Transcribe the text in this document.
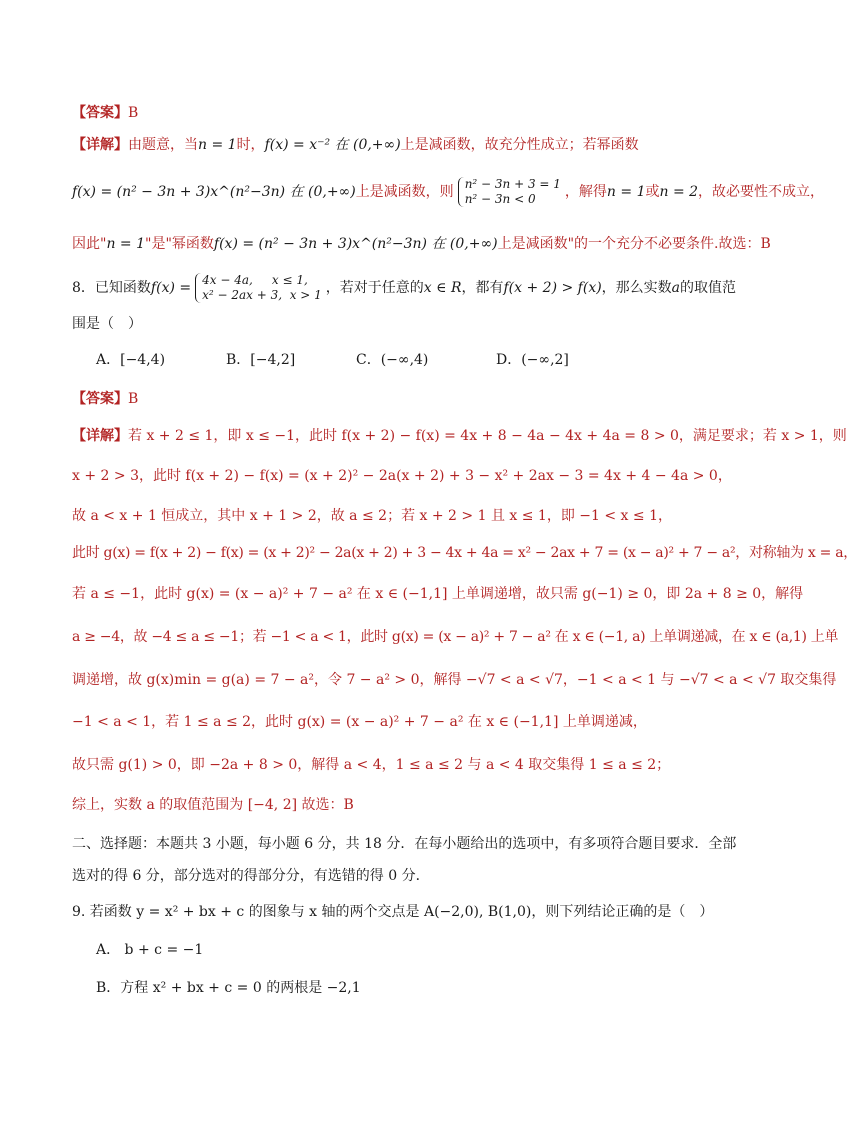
【答案】B
【详解】由题意，当n = 1时，f(x) = x⁻² 在 (0,+∞)上是减函数，故充分性成立；若幂函数
f(x) = (n² − 3n + 3)x^(n²−3n) 在 (0,+∞)上是减函数，则 n² − 3n + 3 = 1
n² − 3n < 0	，解得n = 1或n = 2，故必要性不成立，
因此"n = 1"是"幂函数f(x) = (n² − 3n + 3)x^(n²−3n) 在 (0,+∞)上是减函数"的一个充分不必要条件.故选：B
8．已知函数f(x) = 4x − 4a, x ≤ 1,
x² − 2ax + 3, x > 1 ，若对于任意的x ∈ R，都有f(x + 2) > f(x)，那么实数a的取值范
围是（　）
A．[−4,4)	B．[−4,2]	C．(−∞,4)	D．(−∞,2]
【答案】B
【详解】若 x + 2 ≤ 1，即 x ≤ −1，此时 f(x + 2) − f(x) = 4x + 8 − 4a − 4x + 4a = 8 > 0，满足要求；若 x > 1，则
x + 2 > 3，此时 f(x + 2) − f(x) = (x + 2)² − 2a(x + 2) + 3 − x² + 2ax − 3 = 4x + 4 − 4a > 0，
故 a < x + 1 恒成立，其中 x + 1 > 2，故 a ≤ 2；若 x + 2 > 1 且 x ≤ 1，即 −1 < x ≤ 1，
此时 g(x) = f(x + 2) − f(x) = (x + 2)² − 2a(x + 2) + 3 − 4x + 4a = x² − 2ax + 7 = (x − a)² + 7 − a²，对称轴为 x = a，
若 a ≤ −1，此时 g(x) = (x − a)² + 7 − a² 在 x ∈ (−1,1] 上单调递增，故只需 g(−1) ≥ 0，即 2a + 8 ≥ 0，解得
a ≥ −4，故 −4 ≤ a ≤ −1；若 −1 < a < 1，此时 g(x) = (x − a)² + 7 − a² 在 x ∈ (−1, a) 上单调递减，在 x ∈ (a,1) 上单
调递增，故 g(x)min = g(a) = 7 − a²，令 7 − a² > 0，解得 −√7 < a < √7，−1 < a < 1 与 −√7 < a < √7 取交集得
−1 < a < 1，若 1 ≤ a ≤ 2，此时 g(x) = (x − a)² + 7 − a² 在 x ∈ (−1,1] 上单调递减，
故只需 g(1) > 0，即 −2a + 8 > 0，解得 a < 4，1 ≤ a ≤ 2 与 a < 4 取交集得 1 ≤ a ≤ 2；
综上，实数 a 的取值范围为 [−4, 2] 故选：B
二、选择题：本题共 3 小题，每小题 6 分，共 18 分．在每小题给出的选项中，有多项符合题目要求．全部
选对的得 6 分，部分选对的得部分分，有选错的得 0 分．
9. 若函数 y = x² + bx + c 的图象与 x 轴的两个交点是 A(−2,0), B(1,0)，则下列结论正确的是（　）
A． b + c = −1
B．方程 x² + bx + c = 0 的两根是 −2,1
